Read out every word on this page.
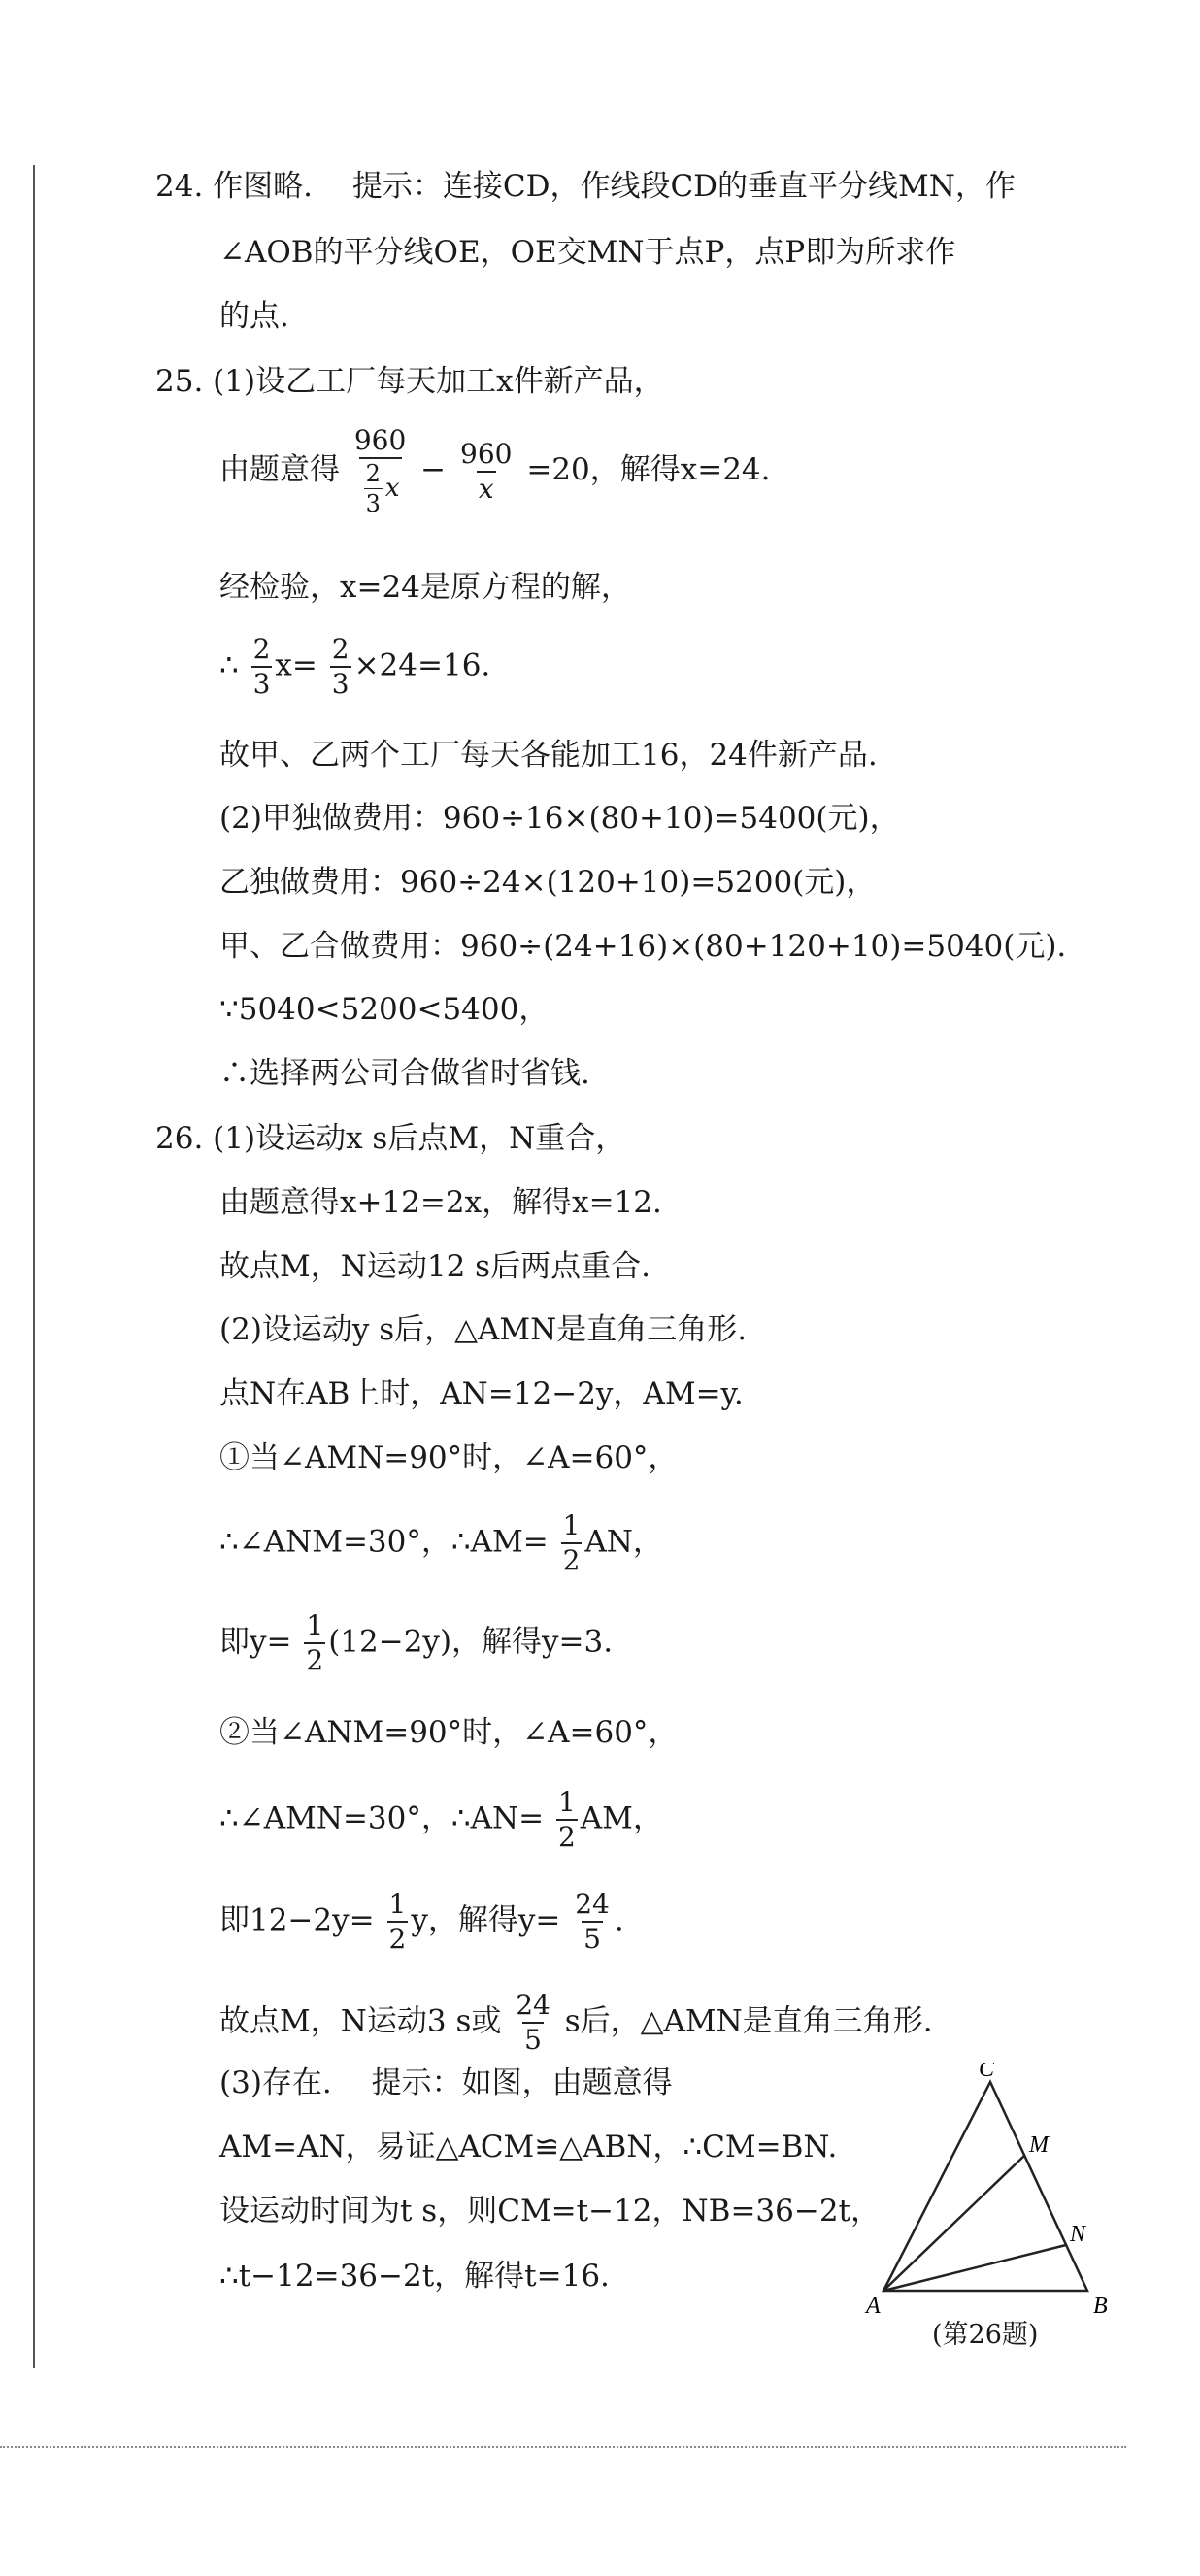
24. 作图略.　 提示：连接CD，作线段CD的垂直平分线MN，作
∠AOB的平分线OE，OE交MN于点P，点P即为所求作
的点.
25. (1)设乙工厂每天加工x件新产品，
由题意得 $\frac{960}{\frac{2}{3} x} - \frac{960}{x} =20$，解得x=24.
经检验，x=24是原方程的解，
∴ $\frac{2}{3} x= \frac{2}{3} \times 24=16$.
故甲、乙两个工厂每天各能加工16，24件新产品.
(2)甲独做费用：960÷16×(80+10)=5400(元)，
乙独做费用：960÷24×(120+10)=5200(元)，
甲、乙合做费用：960÷(24+16)×(80+120+10)=5040(元).
∵5040<5200<5400，
∴选择两公司合做省时省钱.
26. (1)设运动x s后点M，N重合，
由题意得x+12=2x，解得x=12.
故点M，N运动12 s后两点重合.
(2)设运动y s后，△AMN是直角三角形.
点N在AB上时，AN=12−2y，AM=y.
①当∠AMN=90°时，∠A=60°，
∴∠ANM=30°，∴AM= $\frac{1}{2}$ AN，
即$y= \frac{1}{2} (12-2y)$，解得y=3.
②当∠ANM=90°时，∠A=60°，
∴∠AMN=30°，∴AN= $\frac{1}{2}$ AM，
即$12-2y= \frac{1}{2}$ y，解得$y= \frac{24}{5}$ .
故点M，N运动3 s或 $\frac{24}{5}$ s后，△AMN是直角三角形.
(3)存在.　 提示：如图，由题意得
AM=AN，易证△ACM≌△ABN，∴CM=BN.
设运动时间为t s，则CM=t−12，NB=36−2t，
∴t−12=36−2t，解得t=16.
C
M
N
A	B
(第26题)
